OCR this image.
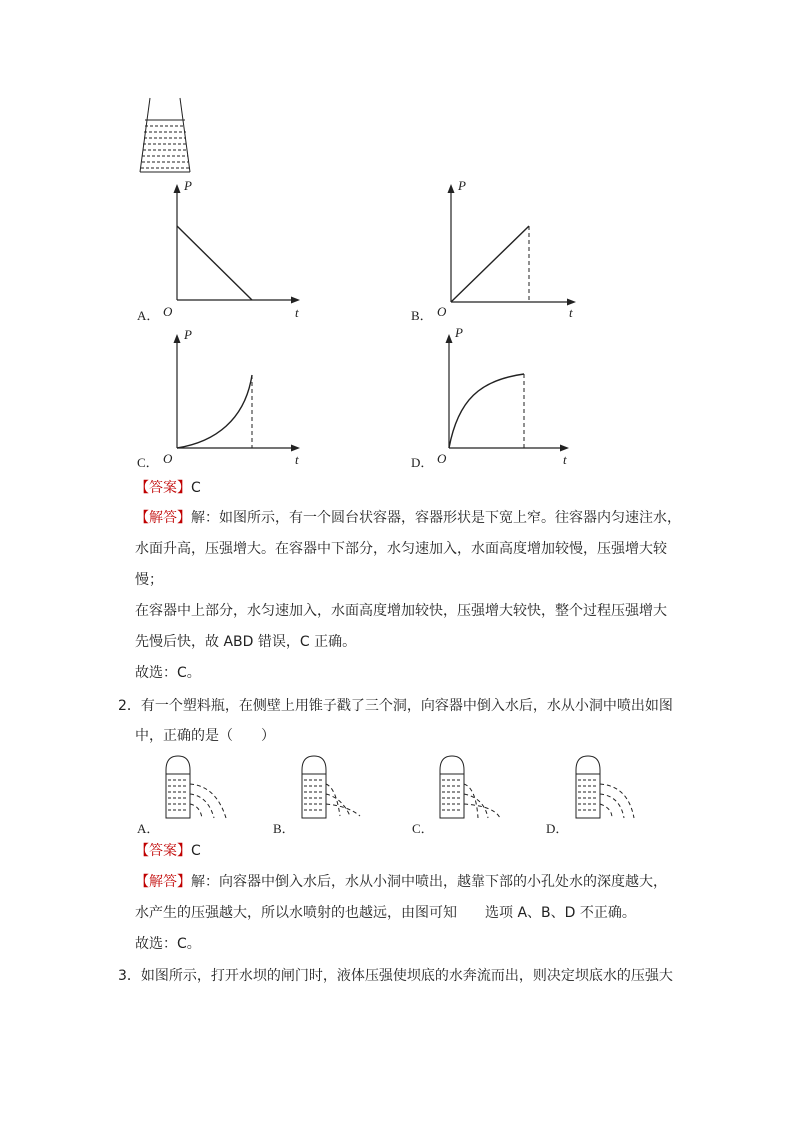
P
t
O
A．
P
t
O
B．
P
t
O
C．
P
t
O
D．
【答案】C
【解答】解：如图所示，有一个圆台状容器，容器形状是下宽上窄。往容器内匀速注水，
水面升高，压强增大。在容器中下部分，水匀速加入，水面高度增加较慢，压强增大较
慢；
在容器中上部分，水匀速加入，水面高度增加较快，压强增大较快，整个过程压强增大
先慢后快，故 ABD 错误，C 正确。
故选：C。
2．有一个塑料瓶，在侧壁上用锥子戳了三个洞，向容器中倒入水后，水从小洞中喷出如图
中，正确的是（　　）
A．	B．	C．	D．
【答案】C
【解答】解：向容器中倒入水后，水从小洞中喷出，越靠下部的小孔处水的深度越大，
水产生的压强越大，所以水喷射的也越远，由图可知　　选项 A、B、D 不正确。
故选：C。
3．如图所示，打开水坝的闸门时，液体压强使坝底的水奔流而出，则决定坝底水的压强大
